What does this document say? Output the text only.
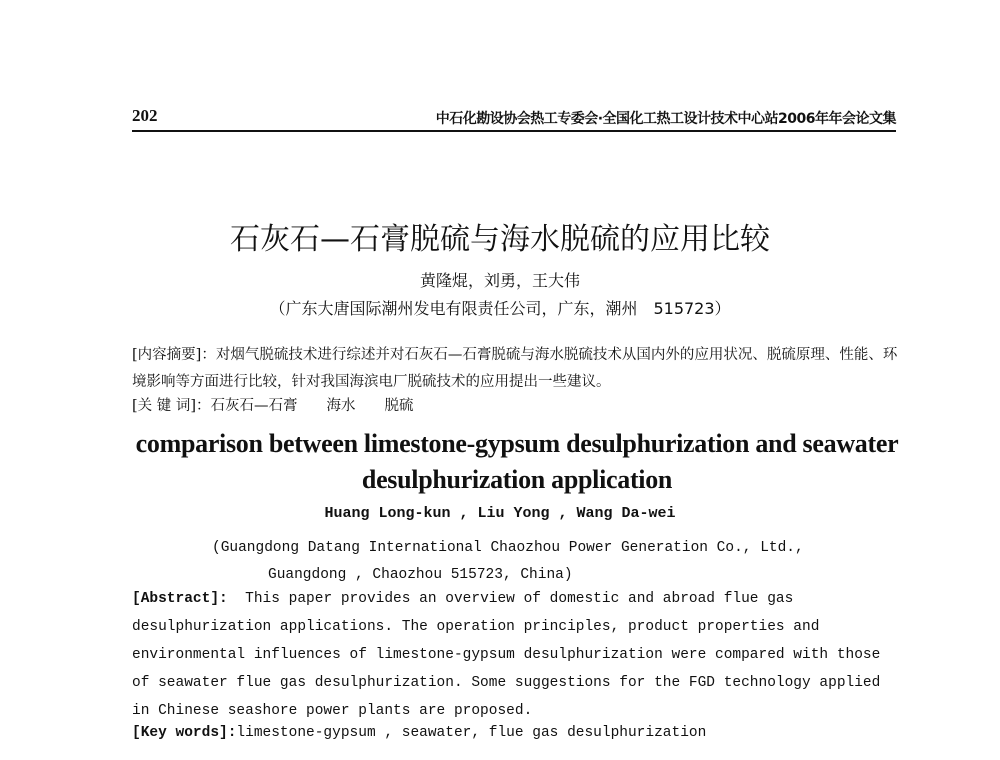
202	中石化勘设协会热工专委会·全国化工热工设计技术中心站2006年年会论文集
石灰石—石膏脱硫与海水脱硫的应用比较
黄隆焜，刘勇，王大伟
（广东大唐国际潮州发电有限责任公司，广东，潮州　515723）
[内容摘要]：对烟气脱硫技术进行综述并对石灰石—石膏脱硫与海水脱硫技术从国内外的应用状况、脱硫原理、性能、环境影响等方面进行比较，针对我国海滨电厂脱硫技术的应用提出一些建议。
[关 键 词]：石灰石—石膏　　海水　　脱硫
comparison between limestone-gypsum desulphurization and seawater
desulphurization application
Huang Long-kun , Liu Yong , Wang Da-wei
(Guangdong Datang International Chaozhou Power Generation Co., Ltd.,
Guangdong , Chaozhou 515723, China)
[Abstract]: This paper provides an overview of domestic and abroad flue gas desulphurization applications. The operation principles, product properties and environmental influences of limestone-gypsum desulphurization were compared with those of seawater flue gas desulphurization. Some suggestions for the FGD technology applied in Chinese seashore power plants are proposed.
[Key words]:limestone-gypsum , seawater, flue gas desulphurization
